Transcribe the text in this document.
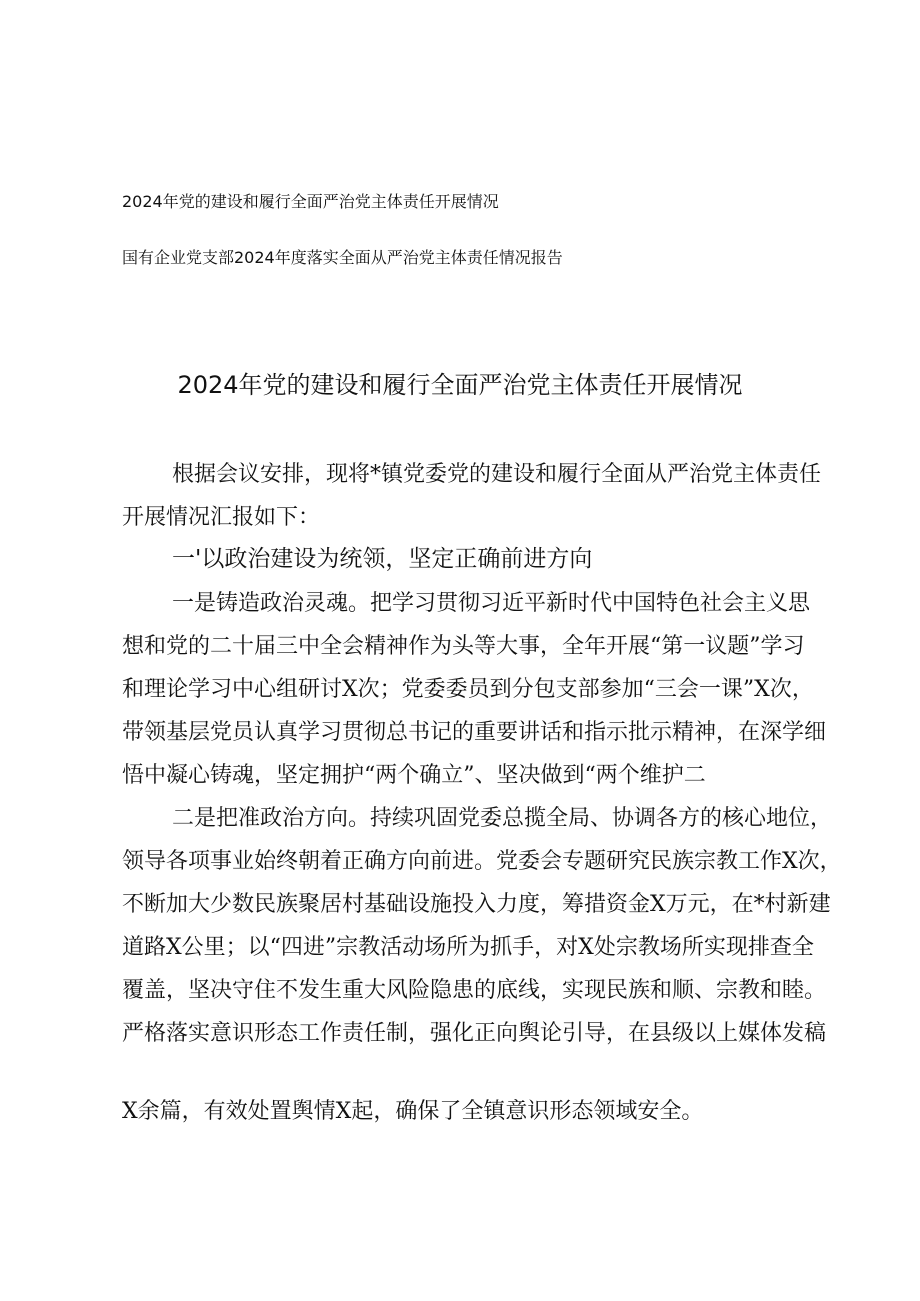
2024年党的建设和履行全面严治党主体责任开展情况
国有企业党支部2024年度落实全面从严治党主体责任情况报告
2024年党的建设和履行全面严治党主体责任开展情况
根据会议安排，现将*镇党委党的建设和履行全面从严治党主体责任
开展情况汇报如下：
一'以政治建设为统领，坚定正确前进方向
一是铸造政治灵魂。把学习贯彻习近平新时代中国特色社会主义思
想和党的二十届三中全会精神作为头等大事，全年开展“第一议题”学习
和理论学习中心组研讨X次；党委委员到分包支部参加“三会一课”X次，
带领基层党员认真学习贯彻总书记的重要讲话和指示批示精神，在深学细
悟中凝心铸魂，坚定拥护“两个确立”、坚决做到“两个维护二
二是把准政治方向。持续巩固党委总揽全局、协调各方的核心地位，
领导各项事业始终朝着正确方向前进。党委会专题研究民族宗教工作X次，
不断加大少数民族聚居村基础设施投入力度，筹措资金X万元，在*村新建
道路X公里；以“四进”宗教活动场所为抓手，对X处宗教场所实现排查全
覆盖，坚决守住不发生重大风险隐患的底线，实现民族和顺、宗教和睦。
严格落实意识形态工作责任制，强化正向舆论引导，在县级以上媒体发稿
X余篇，有效处置舆情X起，确保了全镇意识形态领域安全。
